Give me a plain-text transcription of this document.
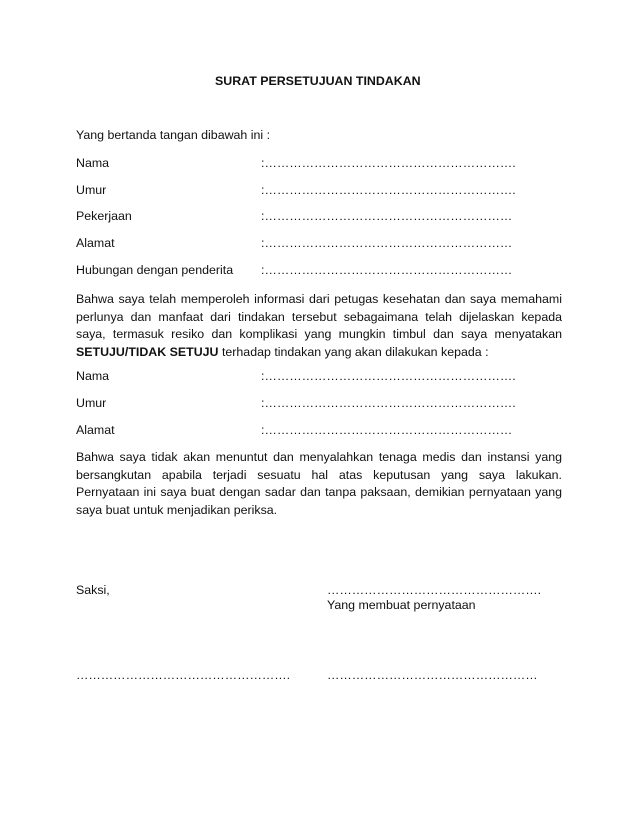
SURAT PERSETUJUAN TINDAKAN
Yang bertanda tangan dibawah ini :
Nama	:…………………………………………………….
Umur	:…………………………………………………….
Pekerjaan	:……………………………………………………
Alamat	:……………………………………………………
Hubungan dengan penderita :……………………………………………………
Bahwa saya telah memperoleh informasi dari petugas kesehatan dan saya memahami
perlunya dan manfaat dari tindakan tersebut sebagaimana telah dijelaskan kepada
saya, termasuk resiko dan komplikasi yang mungkin timbul dan saya menyatakan
SETUJU/TIDAK SETUJU terhadap tindakan yang akan dilakukan kepada :
Nama	:…………………………………………………….
Umur	:…………………………………………………….
Alamat	:……………………………………………………
Bahwa saya tidak akan menuntut dan menyalahkan tenaga medis dan instansi yang
bersangkutan apabila terjadi sesuatu hal atas keputusan yang saya lakukan.
Pernyataan ini saya buat dengan sadar dan tanpa paksaan, demikian pernyataan yang
saya buat untuk menjadikan periksa.
Saksi,	…………………………………………….
Yang membuat pernyataan
…………………………………………….	……………………………………………
